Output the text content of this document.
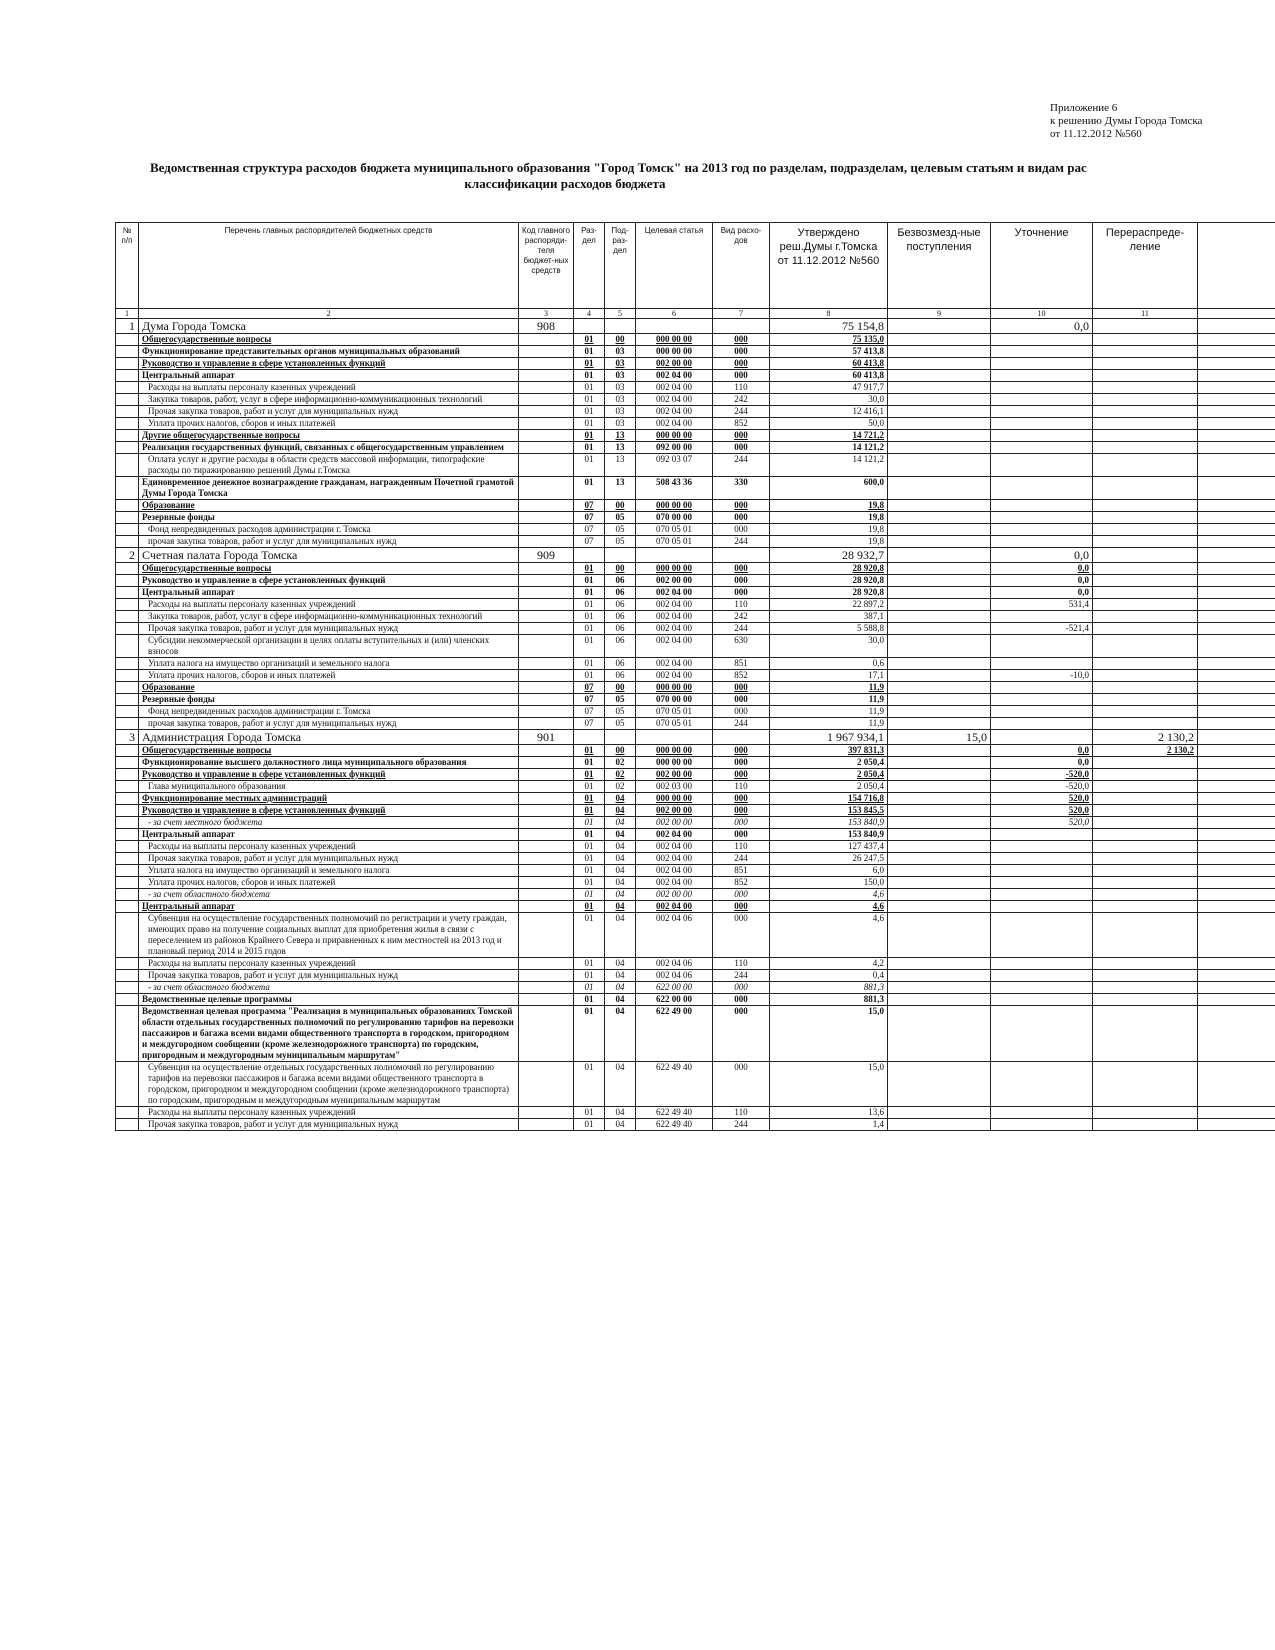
Приложение 6
к решению Думы Города Томска
от 11.12.2012 №560
Ведомственная структура расходов бюджета муниципального образования "Город Томск" на 2013 год по разделам, подразделам, целевым статьям и видам рас
классификации расходов бюджета
№ п/п	Перечень главных распорядителей бюджетных средств	Код главного распоряди-теля бюджет-ных средств	Раз-дел	Под-раз-дел	Целевая статья	Вид расхо-дов	Утверждено реш.Думы г.Томска от 11.12.2012 №560	Безвозмезд-ные поступления	Уточнение	Перераспреде-ление	
1	2	3	4	5	6	7	8	9	10	11	
1	Дума Города Томска	908					75 154,8		0,0		
	Общегосударственные вопросы		01	00	000 00 00	000	75 135,0				
	Функционирование представительных органов муниципальных образований		01	03	000 00 00	000	57 413,8				
	Руководство и управление в сфере установленных функций		01	03	002 00 00	000	60 413,8				
	Центральный аппарат		01	03	002 04 00	000	60 413,8				
	Расходы на выплаты персоналу казенных учреждений		01	03	002 04 00	110	47 917,7				
	Закупка товаров, работ, услуг в сфере информационно-коммуникационных технологий		01	03	002 04 00	242	30,0				
	Прочая закупка товаров, работ и услуг для муниципальных нужд		01	03	002 04 00	244	12 416,1				
	Уплата прочих налогов, сборов и иных платежей		01	03	002 04 00	852	50,0				
	Другие общегосударственные вопросы		01	13	000 00 00	000	14 721,2				
	Реализация государственных функций, связанных с общегосударственным управлением		01	13	092 00 00	000	14 121,2				
	Оплата услуг и другие расходы в области средств массовой информации, типографские расходы по тиражированию решений Думы г.Томска		01	13	092 03 07	244	14 121,2				
	Единовременное денежное вознаграждение гражданам, награжденным Почетной грамотой Думы Города Томска		01	13	508 43 36	330	600,0				
	Образование		07	00	000 00 00	000	19,8				
	Резервные фонды		07	05	070 00 00	000	19,8				
	Фонд непредвиденных расходов администрации г. Томска		07	05	070 05 01	000	19,8				
	прочая закупка товаров, работ и услуг для муниципальных нужд		07	05	070 05 01	244	19,8				
2	Счетная палата Города Томска	909					28 932,7		0,0		
	Общегосударственные вопросы		01	00	000 00 00	000	28 920,8		0,0		
	Руководство и управление в сфере установленных функций		01	06	002 00 00	000	28 920,8		0,0		
	Центральный аппарат		01	06	002 04 00	000	28 920,8		0,0		
	Расходы на выплаты персоналу казенных учреждений		01	06	002 04 00	110	22 897,2		531,4		
	Закупка товаров, работ, услуг в сфере информационно-коммуникационных технологий		01	06	002 04 00	242	387,1				
	Прочая закупка товаров, работ и услуг для муниципальных нужд		01	06	002 04 00	244	5 588,8		-521,4		
	Субсидии некоммерческой организации в целях оплаты вступительных и (или) членских взносов		01	06	002 04 00	630	30,0				
	Уплата налога на имущество организаций и земельного налога		01	06	002 04 00	851	0,6				
	Уплата прочих налогов, сборов и иных платежей		01	06	002 04 00	852	17,1		-10,0		
	Образование		07	00	000 00 00	000	11,9				
	Резервные фонды		07	05	070 00 00	000	11,9				
	Фонд непредвиденных расходов администрации г. Томска		07	05	070 05 01	000	11,9				
	прочая закупка товаров, работ и услуг для муниципальных нужд		07	05	070 05 01	244	11,9				
3	Администрация Города Томска	901					1 967 934,1	15,0		2 130,2	
	Общегосударственные вопросы		01	00	000 00 00	000	397 831,3		0,0	2 130,2	
	Функционирование высшего должностного лица муниципального образования		01	02	000 00 00	000	2 050,4		0,0		
	Руководство и управление в сфере установленных функций		01	02	002 00 00	000	2 050,4		-520,0		
	Глава муниципального образования		01	02	002 03 00	110	2 050,4		-520,0		
	Функционирование местных администраций		01	04	000 00 00	000	154 716,8		520,0		
	Руководство и управление в сфере установленных функций		01	04	002 00 00	000	153 845,5		520,0		
	- за счет местного бюджета		01	04	002 00 00	000	153 840,9		520,0		
	Центральный аппарат		01	04	002 04 00	000	153 840,9				
	Расходы на выплаты персоналу казенных учреждений		01	04	002 04 00	110	127 437,4				
	Прочая закупка товаров, работ и услуг для муниципальных нужд		01	04	002 04 00	244	26 247,5				
	Уплата налога на имущество организаций и земельного налога		01	04	002 04 00	851	6,0				
	Уплата прочих налогов, сборов и иных платежей		01	04	002 04 00	852	150,0				
	- за счет областного бюджета		01	04	002 00 00	000	4,6				
	Центральный аппарат		01	04	002 04 00	000	4,6				
	Субвенция на осуществление государственных полномочий по регистрации и учету граждан, имеющих право на получение социальных выплат для приобретения жилья в связи с переселением из районов Крайнего Севера и приравненных к ним местностей на 2013 год и плановый период 2014 и 2015 годов		01	04	002 04 06	000	4,6				
	Расходы на выплаты персоналу казенных учреждений		01	04	002 04 06	110	4,2				
	Прочая закупка товаров, работ и услуг для муниципальных нужд		01	04	002 04 06	244	0,4				
	- за счет областного бюджета		01	04	622 00 00	000	881,3				
	Ведомственные целевые программы		01	04	622 00 00	000	881,3				
	Ведомственная целевая программа "Реализация в муниципальных образованиях Томской области отдельных государственных полномочий по регулированию тарифов на перевозки пассажиров и багажа всеми видами общественного транспорта в городском, пригородном и междугородном сообщении (кроме железнодорожного транспорта) по городским, пригородным и междугородным муниципальным маршрутам"		01	04	622 49 00	000	15,0				
	Субвенция на осуществление отдельных государственных полномочий по регулированию тарифов на перевозки пассажиров и багажа всеми видами общественного транспорта в городском, пригородном и междугородном сообщении (кроме железнодорожного транспорта) по городским, пригородным и междугородным муниципальным маршрутам		01	04	622 49 40	000	15,0				
	Расходы на выплаты персоналу казенных учреждений		01	04	622 49 40	110	13,6				
	Прочая закупка товаров, работ и услуг для муниципальных нужд		01	04	622 49 40	244	1,4				
